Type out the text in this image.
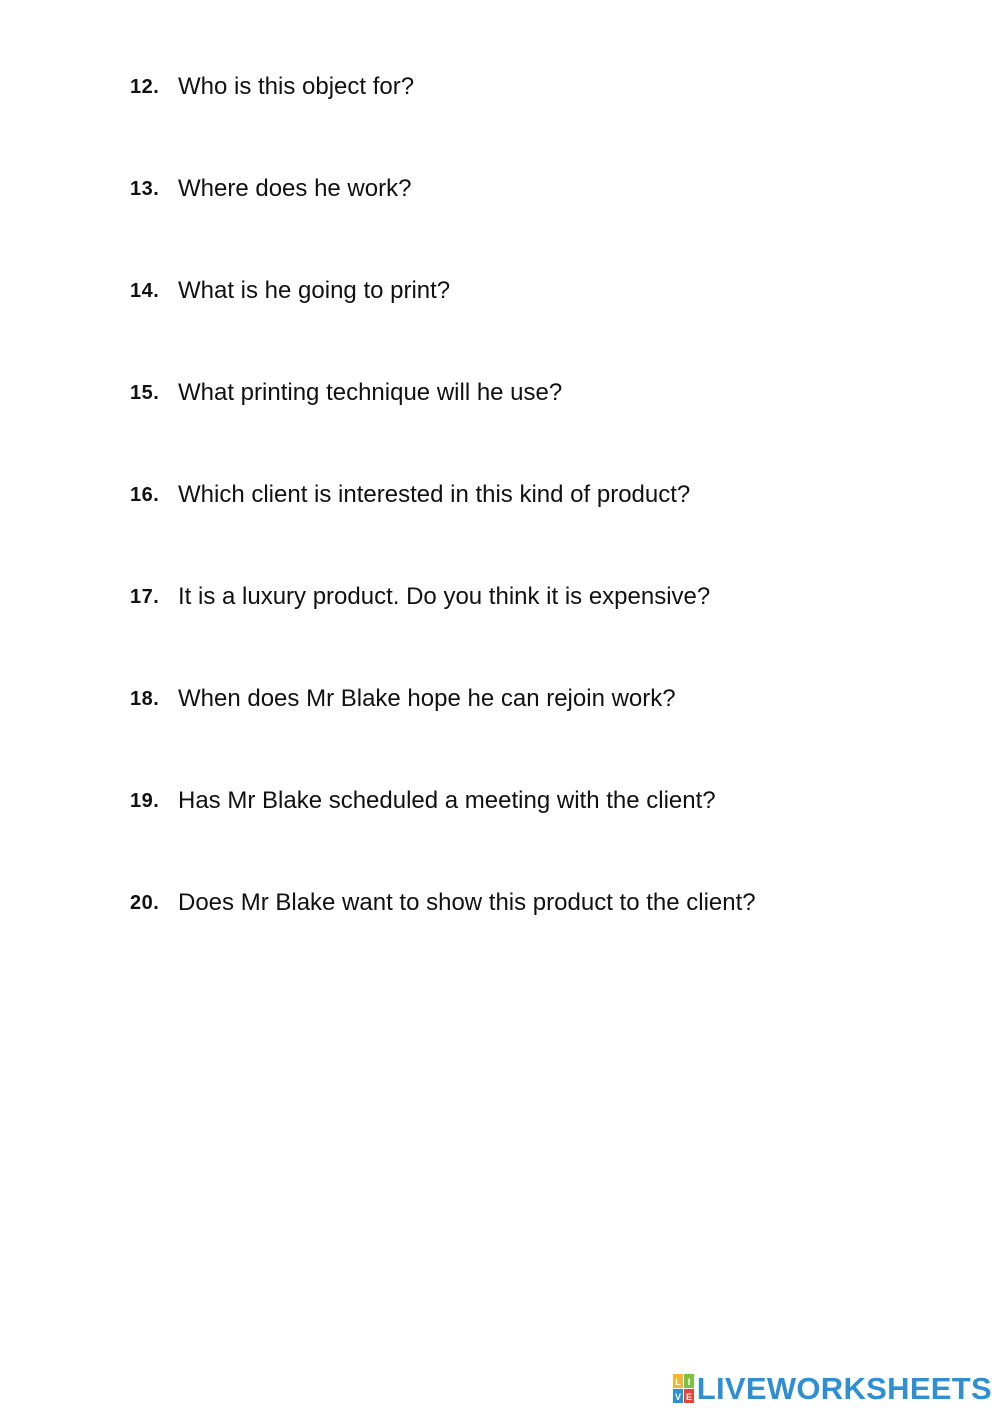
12. Who is this object for?
13. Where does he work?
14. What is he going to print?
15. What printing technique will he use?
16. Which client is interested in this kind of product?
17. It is a luxury product. Do you think it is expensive?
18. When does Mr Blake hope he can rejoin work?
19. Has Mr Blake scheduled a meeting with the client?
20. Does Mr Blake want to show this product to the client?
L I
V E LIVEWORKSHEETS
